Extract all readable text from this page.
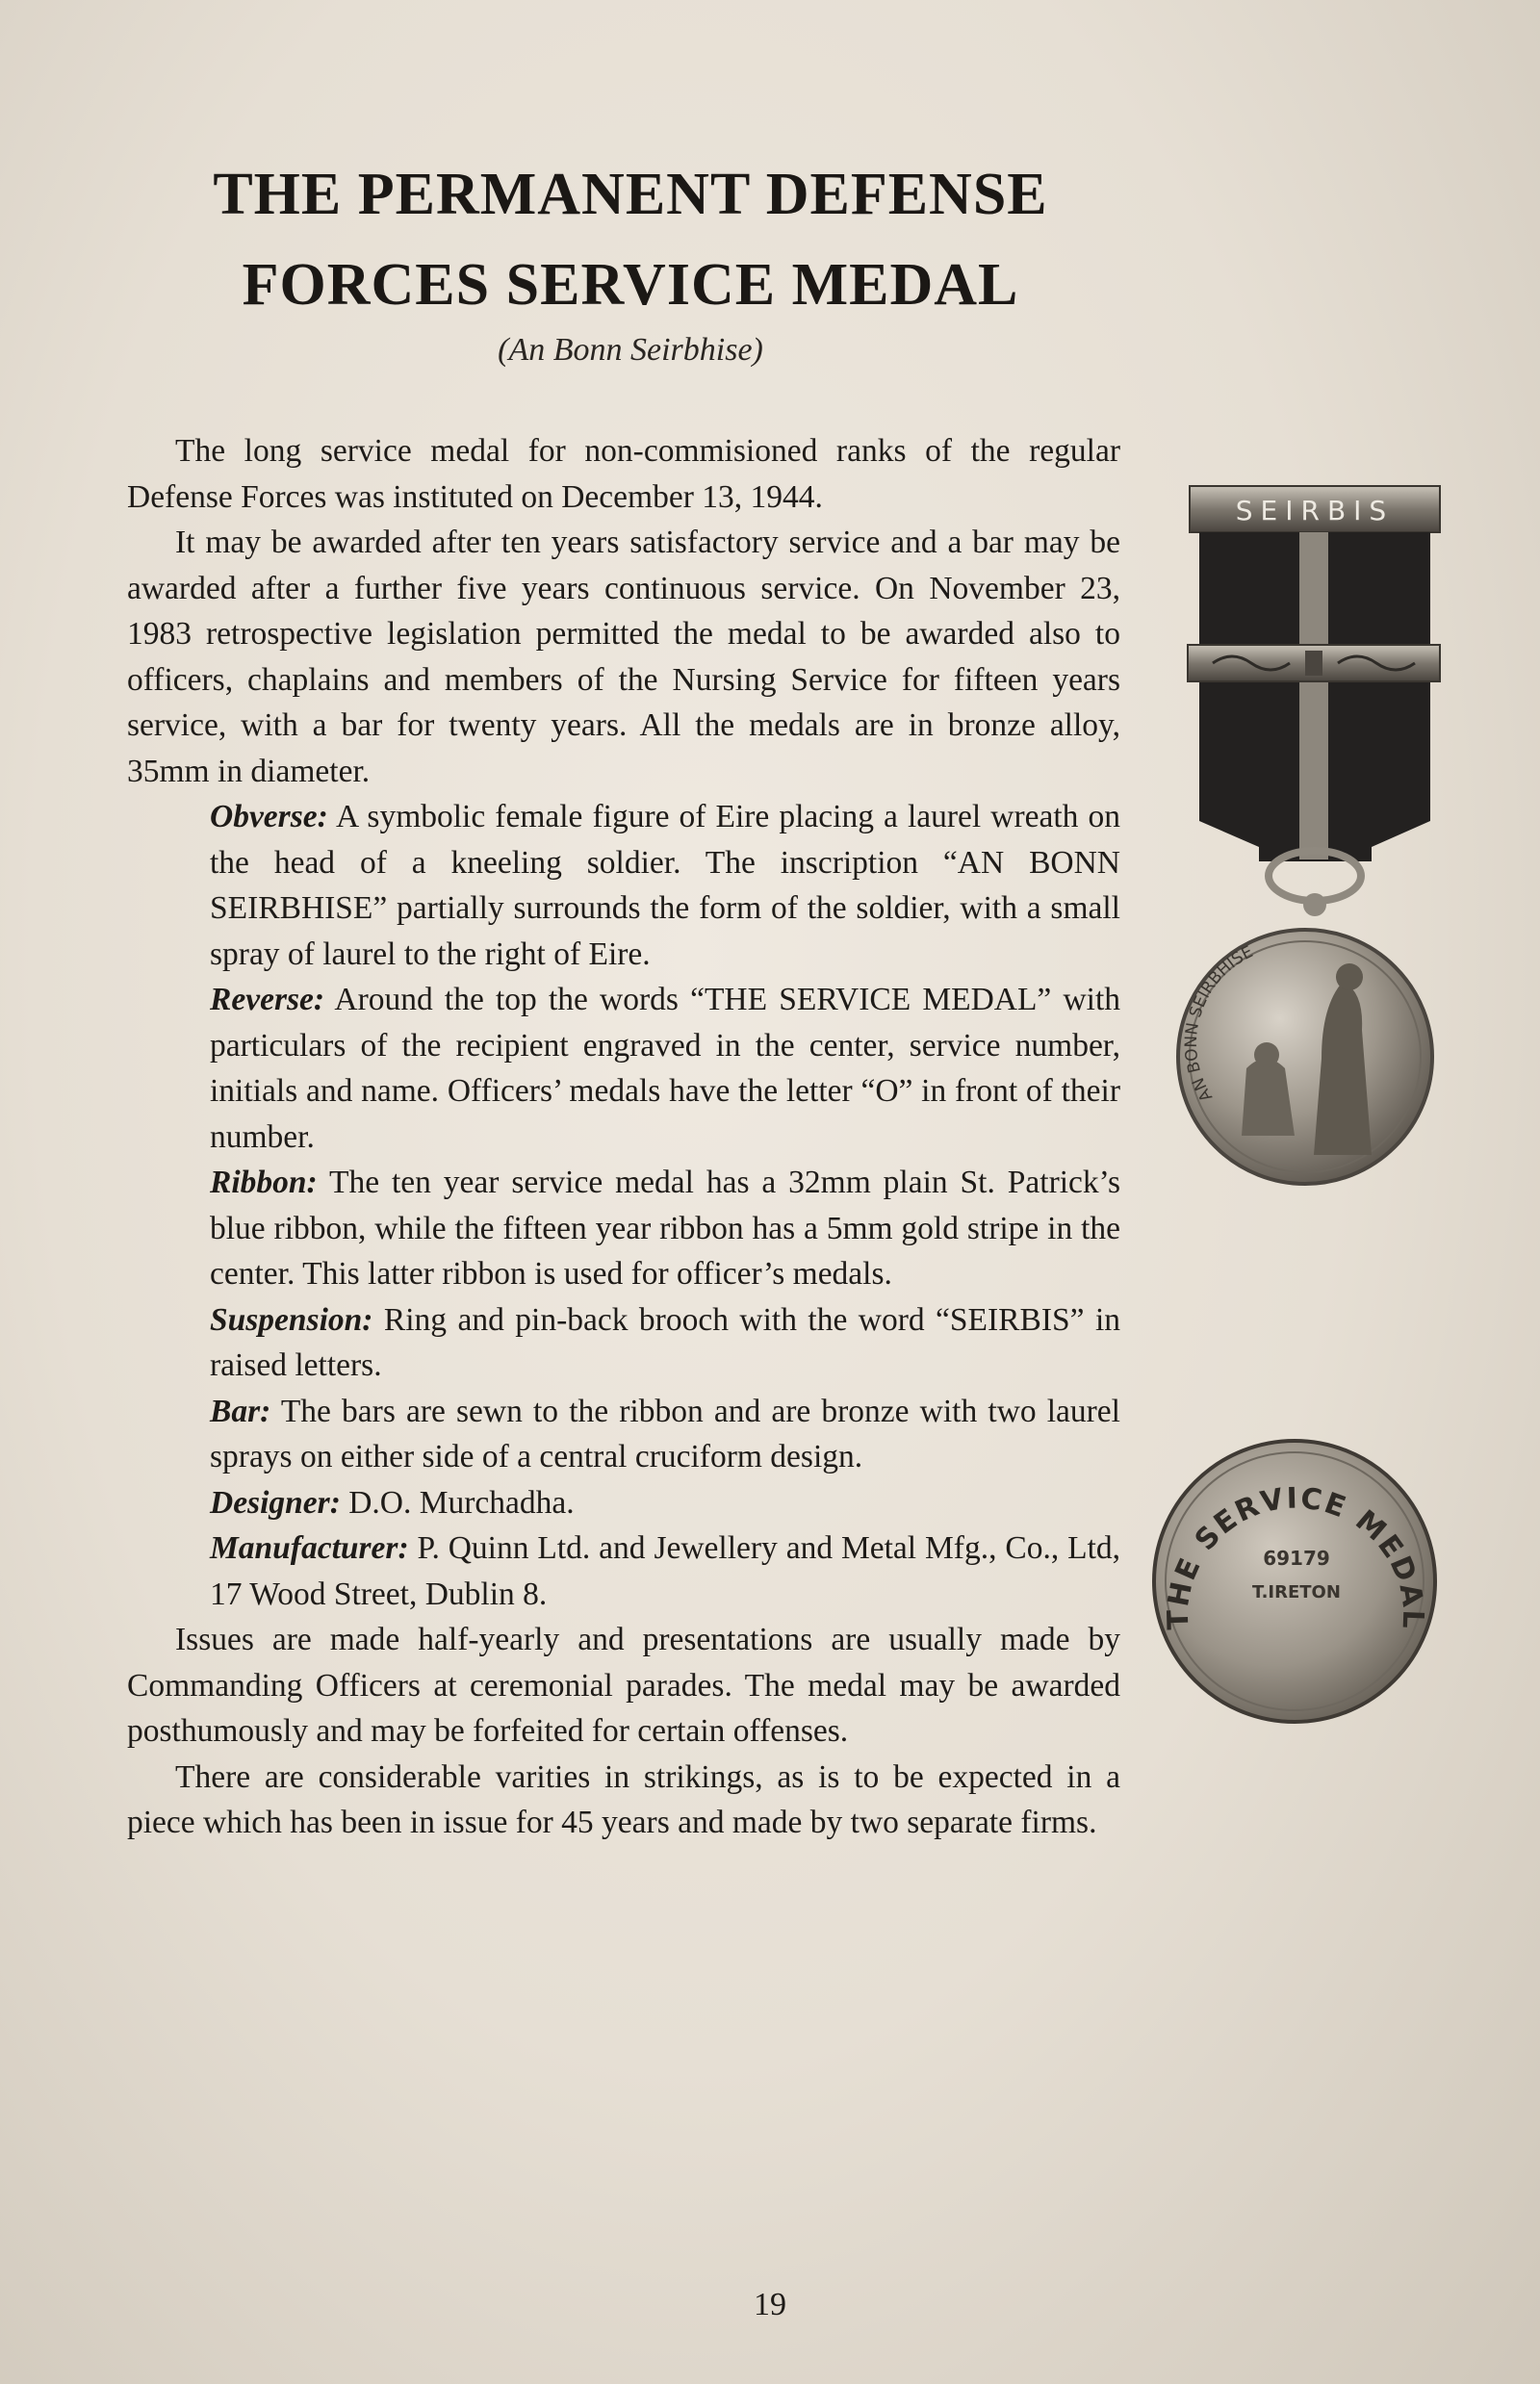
THE PERMANENT DEFENSE
FORCES SERVICE MEDAL
(An Bonn Seirbhise)

The long service medal for non-commisioned ranks of the regular Defense Forces was instituted on December 13, 1944.

It may be awarded after ten years satisfactory service and a bar may be awarded after a further five years continuous service. On November 23, 1983 retrospective legislation permitted the medal to be awarded also to officers, chaplains and members of the Nursing Service for fifteen years service, with a bar for twenty years. All the medals are in bronze alloy, 35mm in diameter.

Obverse: A symbolic female figure of Eire placing a laurel wreath on the head of a kneeling soldier. The inscription “AN BONN SEIRBHISE” partially surrounds the form of the soldier, with a small spray of laurel to the right of Eire.

Reverse: Around the top the words “THE SERVICE MEDAL” with particulars of the recipient engraved in the center, service number, initials and name. Officers’ medals have the letter “O” in front of their number.

Ribbon: The ten year service medal has a 32mm plain St. Patrick’s blue ribbon, while the fifteen year ribbon has a 5mm gold stripe in the center. This latter ribbon is used for officer’s medals.

Suspension: Ring and pin-back brooch with the word “SEIRBIS” in raised letters.

Bar: The bars are sewn to the ribbon and are bronze with two laurel sprays on either side of a central cruciform design.

Designer: D.O. Murchadha.

Manufacturer: P. Quinn Ltd. and Jewellery and Metal Mfg., Co., Ltd, 17 Wood Street, Dublin 8.

Issues are made half-yearly and presentations are usually made by Commanding Officers at ceremonial parades. The medal may be awarded posthumously and may be forfeited for certain offenses.

There are considerable varities in strikings, as is to be expected in a piece which has been in issue for 45 years and made by two separate firms.

SEIRBIS
AN BONN SEIRBHISE
THE SERVICE MEDAL
69179
T.IRETON
19
